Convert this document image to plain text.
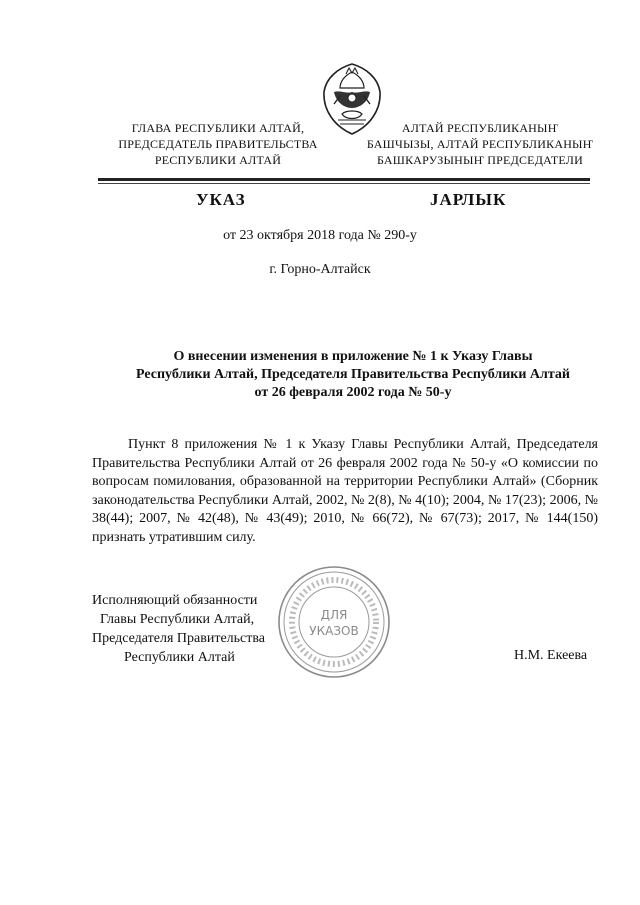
ГЛАВА РЕСПУБЛИКИ АЛТАЙ,
ПРЕДСЕДАТЕЛЬ ПРАВИТЕЛЬСТВА
РЕСПУБЛИКИ АЛТАЙ
АЛТАЙ РЕСПУБЛИКАНЫҤ
БАШЧЫЗЫ, АЛТАЙ РЕСПУБЛИКАНЫҤ
БАШКАРУЗЫНЫҤ ПРЕДСЕДАТЕЛИ
УКАЗ	ЈАРЛЫК
от 23 октября 2018 года № 290-у
г. Горно-Алтайск
О внесении изменения в приложение № 1 к Указу Главы
Республики Алтай, Председателя Правительства Республики Алтай
от 26 февраля 2002 года № 50-у
Пункт 8 приложения № 1 к Указу Главы Республики Алтай, Председателя Правительства Республики Алтай от 26 февраля 2002 года № 50-у «О комиссии по вопросам помилования, образованной на территории Республики Алтай» (Сборник законодательства Республики Алтай, 2002, № 2(8), № 4(10); 2004, № 17(23); 2006, № 38(44); 2007, № 42(48), № 43(49); 2010, № 66(72), № 67(73); 2017, № 144(150) признать утратившим силу.
ДЛЯ
УКАЗОВ
Исполняющий обязанности
Главы Республики Алтай,
Председателя Правительства
Республики Алтай	Н.М. Екеева
